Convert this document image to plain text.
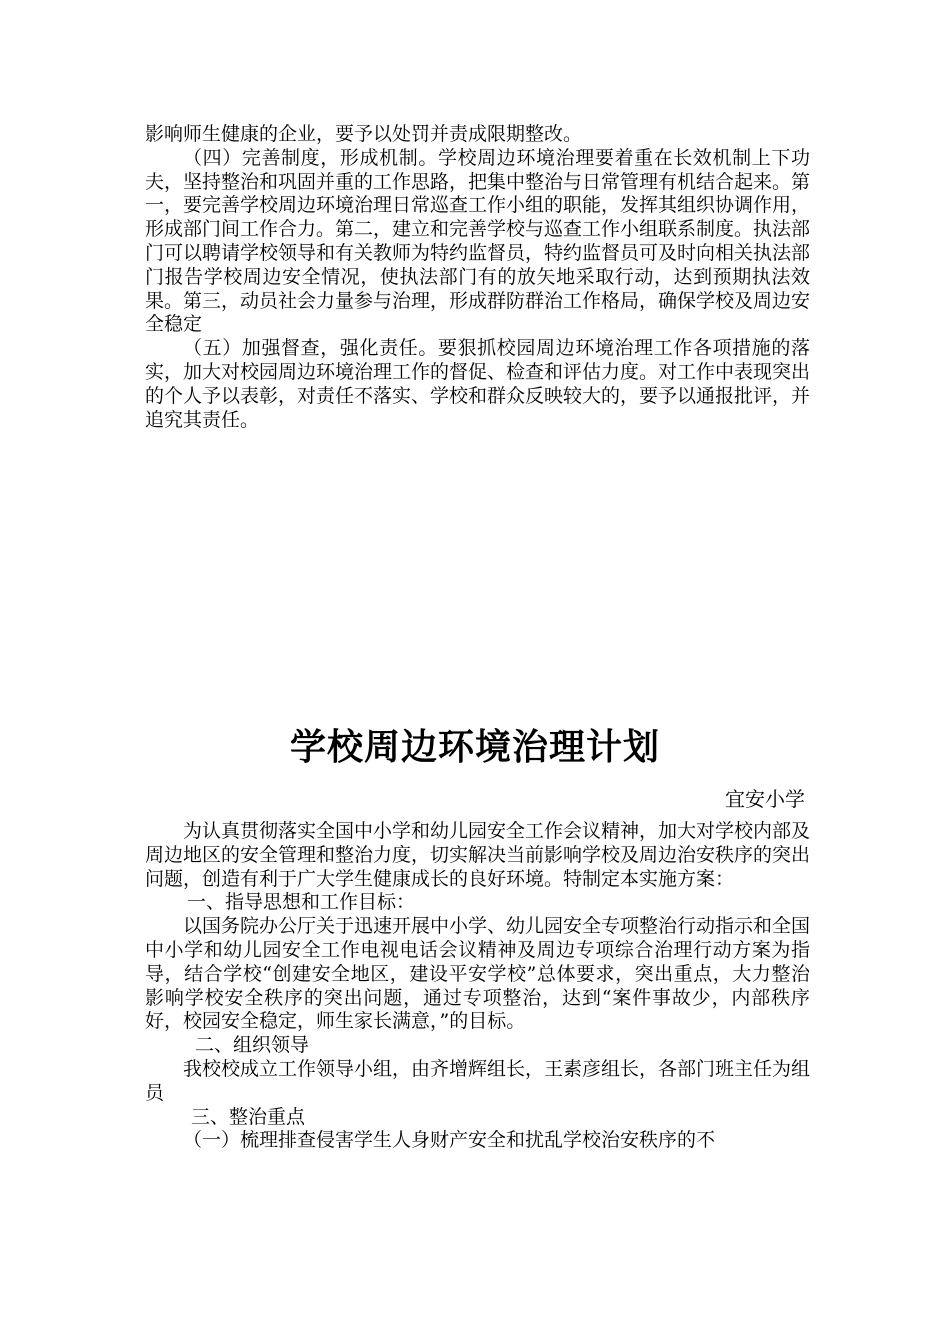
影响师生健康的企业，要予以处罚并责成限期整改。

（四）完善制度，形成机制。学校周边环境治理要着重在长效机制上下功夫，坚持整治和巩固并重的工作思路，把集中整治与日常管理有机结合起来。第一，要完善学校周边环境治理日常巡查工作小组的职能，发挥其组织协调作用，形成部门间工作合力。第二，建立和完善学校与巡查工作小组联系制度。执法部门可以聘请学校领导和有关教师为特约监督员，特约监督员可及时向相关执法部门报告学校周边安全情况，使执法部门有的放矢地采取行动，达到预期执法效果。第三，动员社会力量参与治理，形成群防群治工作格局，确保学校及周边安全稳定

（五）加强督查，强化责任。要狠抓校园周边环境治理工作各项措施的落实，加大对校园周边环境治理工作的督促、检查和评估力度。对工作中表现突出的个人予以表彰，对责任不落实、学校和群众反映较大的，要予以通报批评，并追究其责任。

学校周边环境治理计划

宜安小学

为认真贯彻落实全国中小学和幼儿园安全工作会议精神，加大对学校内部及周边地区的安全管理和整治力度，切实解决当前影响学校及周边治安秩序的突出问题，创造有利于广大学生健康成长的良好环境。特制定本实施方案：

一、指导思想和工作目标：

以国务院办公厅关于迅速开展中小学、幼儿园安全专项整治行动指示和全国中小学和幼儿园安全工作电视电话会议精神及周边专项综合治理行动方案为指导，结合学校“创建安全地区，建设平安学校”总体要求，突出重点，大力整治影响学校安全秩序的突出问题，通过专项整治，达到“案件事故少，内部秩序好，校园安全稳定，师生家长满意，”的目标。

二、组织领导

我校校成立工作领导小组，由齐增辉组长，王素彦组长，各部门班主任为组员

三、整治重点

（一）梳理排查侵害学生人身财产安全和扰乱学校治安秩序的不
